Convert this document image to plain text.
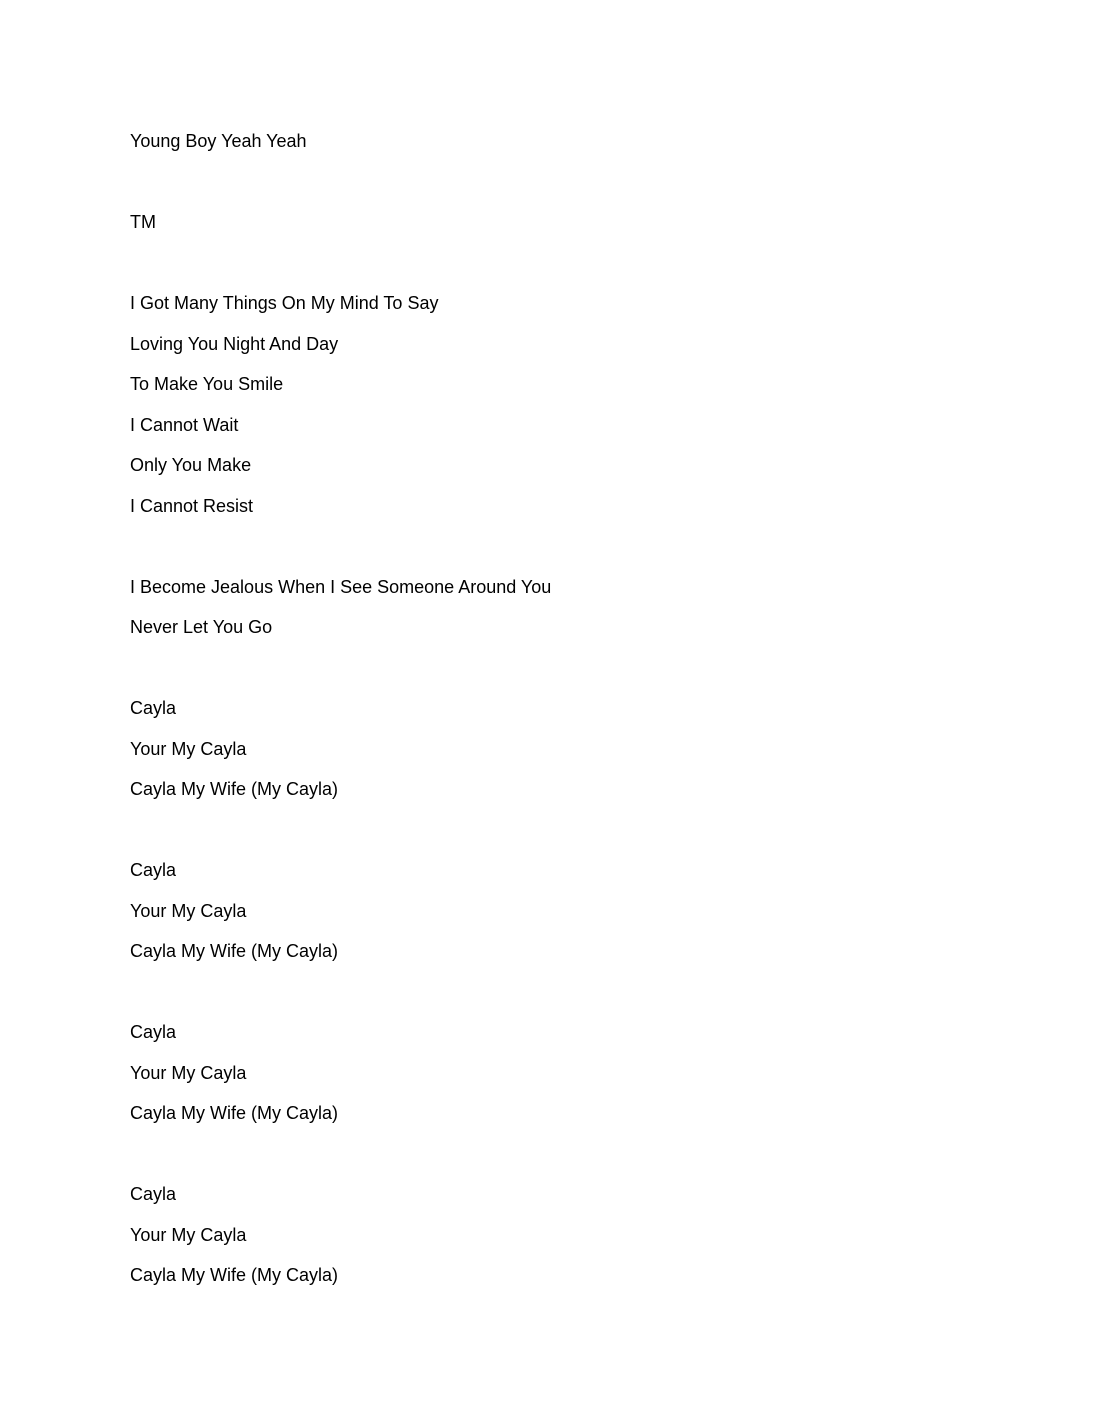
Young Boy Yeah Yeah
TM
I Got Many Things On My Mind To Say
Loving You Night And Day
To Make You Smile
I Cannot Wait
Only You Make
I Cannot Resist
I Become Jealous When I See Someone Around You
Never Let You Go
Cayla
Your My Cayla
Cayla My Wife (My Cayla)
Cayla
Your My Cayla
Cayla My Wife (My Cayla)
Cayla
Your My Cayla
Cayla My Wife (My Cayla)
Cayla
Your My Cayla
Cayla My Wife (My Cayla)
